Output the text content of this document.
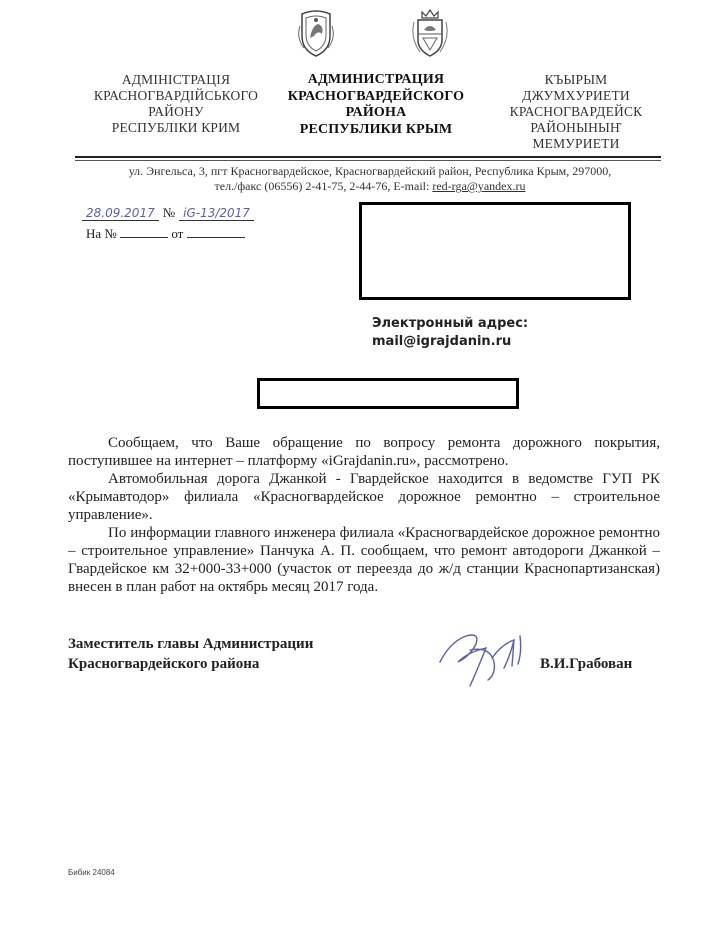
АДМІНІСТРАЦІЯ
КРАСНОГВАРДІЙСЬКОГО
РАЙОНУ
РЕСПУБЛІКИ КРИМ
АДМИНИСТРАЦИЯ
КРАСНОГВАРДЕЙСКОГО
РАЙОНА
РЕСПУБЛИКИ КРЫМ
КЪЫРЫМ
ДЖУМХУРИЕТИ
КРАСНОГВАРДЕЙСК
РАЙОНЫНЫҤ
МЕМУРИЕТИ
ул. Энгельса, 3, пгт Красногвардейское, Красногвардейский район, Республика Крым, 297000,
тел./факс (06556) 2-41-75, 2-44-76, E-mail: red-rga@yandex.ru
28.09.2017 № iG-13/2017
На №	от
Электронный адрес:
mail@igrajdanin.ru

Сообщаем, что Ваше обращение по вопросу ремонта дорожного покрытия, поступившее на интернет – платформу «iGrajdanin.ru», рассмотрено.

Автомобильная дорога Джанкой - Гвардейское находится в ведомстве ГУП РК «Крымавтодор» филиала «Красногвардейское дорожное ремонтно – строительное управление».

По информации главного инженера филиала «Красногвардейское дорожное ремонтно – строительное управление» Панчука А. П. сообщаем, что ремонт автодороги Джанкой – Гвардейское км 32+000-33+000 (участок от переезда до ж/д станции Краснопартизанская) внесен в план работ на октябрь месяц 2017 года.

Заместитель главы Администрации
Красногвардейского района	В.И.Грабован
Бибик 24084
